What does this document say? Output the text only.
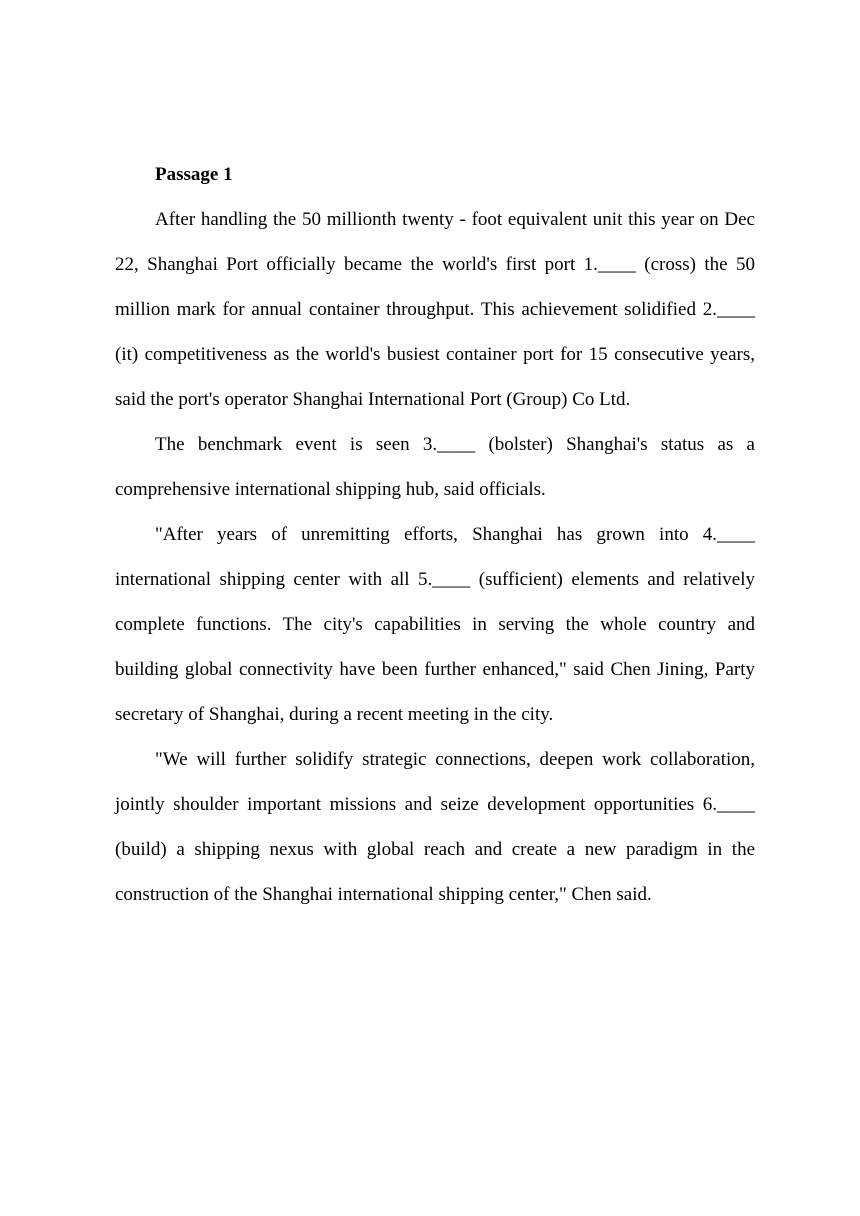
Passage 1

After handling the 50 millionth twenty - foot equivalent unit this year on Dec 22, Shanghai Port officially became the world's first port 1.____ (cross) the 50 million mark for annual container throughput. This achievement solidified 2.____ (it) competitiveness as the world's busiest container port for 15 consecutive years, said the port's operator Shanghai International Port (Group) Co Ltd.

The benchmark event is seen 3.____ (bolster) Shanghai's status as a comprehensive international shipping hub, said officials.

"After years of unremitting efforts, Shanghai has grown into 4.____ international shipping center with all 5.____ (sufficient) elements and relatively complete functions. The city's capabilities in serving the whole country and building global connectivity have been further enhanced," said Chen Jining, Party secretary of Shanghai, during a recent meeting in the city.

"We will further solidify strategic connections, deepen work collaboration, jointly shoulder important missions and seize development opportunities 6.____ (build) a shipping nexus with global reach and create a new paradigm in the construction of the Shanghai international shipping center," Chen said.
